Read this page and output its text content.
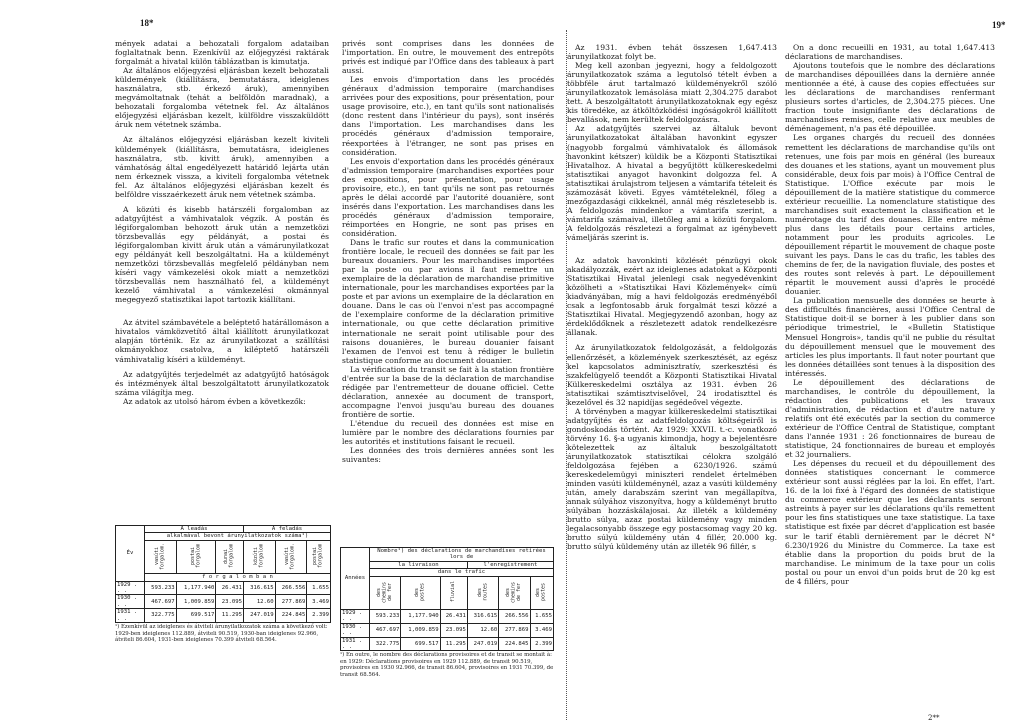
18*	19*

mények adatai a behozatali forgalom adataiban foglaltatnak benn. Ezenkívül az előjegyzési raktárak forgalmát a hivatal külön táblázatban is kimutatja.

Az általános előjegyzési eljárásban kezelt behozatali küldemények (kiállításra, bemutatásra, ideiglenes használatra, stb. érkező áruk), amennyiben megvámoltatnak (tehát a belföldön maradnak), a behozatali forgalomba vétetnek fel. Az általános előjegyzési eljárásban kezelt, külföldre visszaküldött áruk nem vétetnek számba.

Az általános előjegyzési eljárásban kezelt kiviteli küldemények (kiállításra, bemutatásra, ideiglenes használatra, stb. kivitt áruk), amennyiben a vámhatóság által engedélyezett határidő lejárta után nem érkeznek vissza, a kiviteli forgalomba vétetnek fel. Az általános előjegyzési eljárásban kezelt és belföldre visszaérkezett áruk nem vétetnek számba.

A közúti és kisebb határszéli forgalomban az adatgyűjtést a vámhivatalok végzik. A postán és légiforgalomban behozott áruk után a nemzetközi törzsbevallás egy példányát, a postai és légiforgalomban kivitt áruk után a vámárunyilatkozat egy példányát kell beszolgáltatni. Ha a küldeményt nemzetközi törzsbevallás megfelelő példányban nem kíséri vagy vámkezelési okok miatt a nemzetközi törzsbevallás nem használható fel, a küldeményt kezelő vámhivatal a vámkezelési okmánnyal megegyező statisztikai lapot tartozik kiállítani.

Az átvitel számbavétele a beléptető határállomáson a hivatalos vámközvetítő által kiállított árunyilatkozat alapján történik. Ez az árunyilatkozat a szállítási okmányokhoz csatolva, a kiléptető határszéli vámhivatalig kíséri a küldeményt.

Az adatgyűjtés terjedelmét az adatgyűjtő hatóságok és intézmények által beszolgáltatott árunyilatkozatok száma világítja meg.

Az adatok az utolsó három évben a következők:

privés sont comprises dans les données de l'importation. En outre, le mouvement des entrepôts privés est indiqué par l'Office dans des tableaux à part aussi.

Les envois d'importation dans les procédés généraux d'admission temporaire (marchandises arrivées pour des expositions, pour présentation, pour usage provisoire, etc.), en tant qu'ils sont nationalisés (donc restent dans l'intérieur du pays), sont insérés dans l'importation. Les marchandises dans les procédés généraux d'admission temporaire, réexportées à l'étranger, ne sont pas prises en considération.

Les envois d'exportation dans les procédés généraux d'admission temporaire (marchandises exportées pour des expositions, pour présentation, pour usage provisoire, etc.), en tant qu'ils ne sont pas retournés après le délai accordé par l'autorité douanière, sont insérés dans l'exportation. Les marchandises dans les procédés généraux d'admission temporaire, réimportées en Hongrie, ne sont pas prises en considération.

Dans le trafic sur routes et dans la communication frontière locale, le recueil des données se fait par les bureaux douaniers. Pour les marchandises importées par la poste ou par avions il faut remettre un exemplaire de la déclaration de marchandise primitive internationale, pour les marchandises exportées par la poste et par avions un exemplaire de la déclaration en douane. Dans le cas où l'envoi n'est pas accompagné de l'exemplaire conforme de la déclaration primitive internationale, ou que cette déclaration primitive internationale ne serait point utilisable pour des raisons douanières, le bureau douanier faisant l'examen de l'envoi est tenu à rédiger le bulletin statistique conforme au document douanier.

La vérification du transit se fait à la station frontière d'entrée sur la base de la déclaration de marchandise rédigée par l'entremetteur de douane officiel. Cette déclaration, annexée au document de transport, accompagne l'envoi jusqu'au bureau des douanes frontière de sortie.

L'étendue du recueil des données est mise en lumière par le nombre des déclarations fournies par les autorités et institutions faisant le recueil.

Les données des trois dernières années sont les suivantes:

Az 1931. évben tehát összesen 1,647.413 árunyilatkozat folyt be.

Meg kell azonban jegyezni, hogy a feldolgozott árunyilatkozatok száma a legutolsó tételt évben a többféle árut tartalmazó küldeményekről szóló árunyilatkozatok lemásolása miatt 2,304.275 darabot tett. A beszolgáltatott árunyilatkozatoknak egy egész kis töredéke, az átköltözködési ingóságokról kiállított bevallások, nem kerültek feldolgozásra.

Az adatgyűjtés szervei az általuk bevont árunyilatkozatokat általában havonkint egyszer (nagyobb forgalmú vámhivatalok és állomások havonkint kétszer) küldik be a Központi Statisztikai Hivatalhoz. A hivatal a begyűjtött külkereskedelmi statisztikai anyagot havonkint dolgozza fel. A statisztikai árulajstrom teljesen a vámtarifa tételeit és számozását követi. Egyes vámtételeknél, főleg a mezőgazdasági cikkeknél, annál még részletesebb is. A feldolgozás mindenkor a vámtarifa szerint, a vámtarifa számaival, illetőleg ami a közúti forgalom. A feldolgozás részletezi a forgalmat az igénybevett vámeljárás szerint is.

Az adatok havonkinti közlését pénzügyi okok akadályozzák, ezért az ideiglenes adatokat a Központi Statisztikai Hivatal jelenlegi csak negyedévenkint közölheti a »Statisztikai Havi Közlemények« címü kiadványában, míg a havi feldolgozás eredményéből csak a legfontosabb áruk forgalmát teszi közzé a Statisztikai Hivatal. Megjegyzendő azonban, hogy az érdeklődőknek a részletezett adatok rendelkezésre állanak.

Az árunyilatkozatok feldolgozását, a feldolgozás ellenőrzését, a közlemények szerkesztését, az egész kel kapcsolatos adminisztratív, szerkesztési és szakfelügyelő teendőt a Központi Statisztikai Hivatal Külkereskedelmi osztálya az 1931. évben 26 statisztikai számtisztviselővel, 24 irodatiszttel és kezelővel és 32 napidíjas segédeővel végezte.

A törvényben a magyar külkereskedelmi statisztikai adatgyűjtés és az adatfeldolgozás költségeiről is gondoskodás történt. Az 1929: XXVII. t.-c. vonatkozó törvény 16. §-a ugyanis kimondja, hogy a bejelentésre kötelezettek az általuk beszolgáltatott árunyilatkozatok statisztikai célokra szolgáló feldolgozása fejében a 6230/1926. számú kereskedelemügyi miniszteri rendelet értelmében minden vasúti küldeménynél, azaz a vasúti küldemény után, amely darabszám szerint van megállapítva, annak súlyához viszonyítva, hogy a küldeményt brutto súlyában hozzáskálajosai. Az illeték a küldemény brutto súlya, azaz postai küldemény vagy minden legalacsonyabb összege egy postacsomag vagy 20 kg. brutto súlyú küldemény után 4 fillér, 20.000 kg. brutto súlyú küldemény után az illeték 96 fillér, s

On a donc recueilli en 1931, au total 1,647.413 déclarations de marchandises.

Ajoutons toutefois que le nombre des déclarations de marchandises dépouillées dans la dernière année mentionnée a été, à cause des copies effectuées sur les déclarations de marchandises renfermant plusieurs sortes d'articles, de 2,304.275 pièces. Une fraction toute insignifiante des déclarations de marchandises remises, celle relative aux meubles de déménagement, n'a pas été dépouillée.

Les organes chargés du recueil des données remettent les déclarations de marchandise qu'ils ont retenues, une fois par mois en général (les bureaux des douanes et les stations, ayant un mouvement plus considérable, deux fois par mois) à l'Office Central de Statistique. L'Office exécute par mois le dépouillement de la matière statistique du commerce extérieur recueillie. La nomenclature statistique des marchandises suit exactement la classification et le numérotage du tarif des douanes. Elle entre même plus dans les détails pour certains articles, notamment pour les produits agricoles. Le dépouillement répartit le mouvement de chaque poste suivant les pays. Dans le cas du trafic, les tables des chemins de fer, de la navigation fluviale, des postes et des routes sont relevés à part. Le dépouillement répartit le mouvement aussi d'après le procédé douanier.

La publication mensuelle des données se heurte à des difficultés financières, aussi l'Office Central de Statistique doit-il se borner à les publier dans son périodique trimestriel, le «Bulletin Statistique Mensuel Hongrois», tandis qu'il ne publie du résultat du dépouillement mensuel que le mouvement des articles les plus importants. Il faut noter pourtant que les données détaillées sont tenues à la disposition des intéressés.

Le dépouillement des déclarations de marchandises, le contrôle du dépouillement, la rédaction des publications et les travaux d'administration, de rédaction et d'autre nature y relatifs ont été exécutés par la section du commerce extérieur de l'Office Central de Statistique, comptant dans l'année 1931 : 26 fonctionnaires de bureau de statistique, 24 fonctionnaires de bureau et employés et 32 journaliers.

Les dépenses du recueil et du dépouillement des données statistiques concernant le commerce extérieur sont aussi réglées par la loi. En effet, l'art. 16. de la loi fixé à l'égard des données de statistique du commerce extérieur que les déclarants seront astreints à payer sur les déclarations qu'ils remettent pour les fins statistiques une taxe statistique. La taxe statistique est fixée par décret d'application est basée sur le tarif établi dernièrement par le décret N° 6.230/1926 du Ministre du Commerce. La taxe est établie dans la proportion du poids brut de la marchandise. Le minimum de la taxe pour un colis postal ou pour un envoi d'un poids brut de 20 kg est de 4 fillérs, pour

Év	A leadás			A feladás		
	alkalmával bevont árunyilatkozatok száma¹)					
	vasúti forgalom.	postai forgalom	dunai forgalom	közúti forgalom	vasúti forgalom.	postai forgalom
	f o r g a l o m b a n					
1929 . . .	593.233	1,177.940	26.431	316.615	266.556	1.655
1930 . . .	467.697	1,009.859	23.095	12.60	277.869	3.469
1931 . . .	322.775	699.517	11.295	247.019	224.845	2.399
¹) Ezenkívül az ideiglenes és átviteli árunyilatkozatok száma a következő volt: 1929-ben ideiglenes 112.889, átviteli 90.519, 1930-ban ideiglenes 92.966, átviteli 86.604, 1931-ben ideiglenes 70.399 átviteli 68.564.
Années	Nombre¹) des déclarations de marchandises retirées lors de					
	la livraison			l'enregistrement		
	dans le trafic					
	des chemins de fer	des postes	fluvial	des routes	des chemins de fer	des postes
1929 . . .	593.233	1,177.940	26.431	316.615	266.556	1.655
1930 . . .	467.697	1,009.859	23.095	12.60	277.869	3.469
1931 . . .	322.775	699.517	11.295	247.019	224.845	2.399
¹) En outre, le nombre des déclarations provisoires et de transit se montait à: en 1929: Déclarations provisoires en 1929 112.889, de transit 90.519, provisoires en 1930 92.966, de transit 86.604, provisoires en 1931 70.399, de transit 68.564.
2**
